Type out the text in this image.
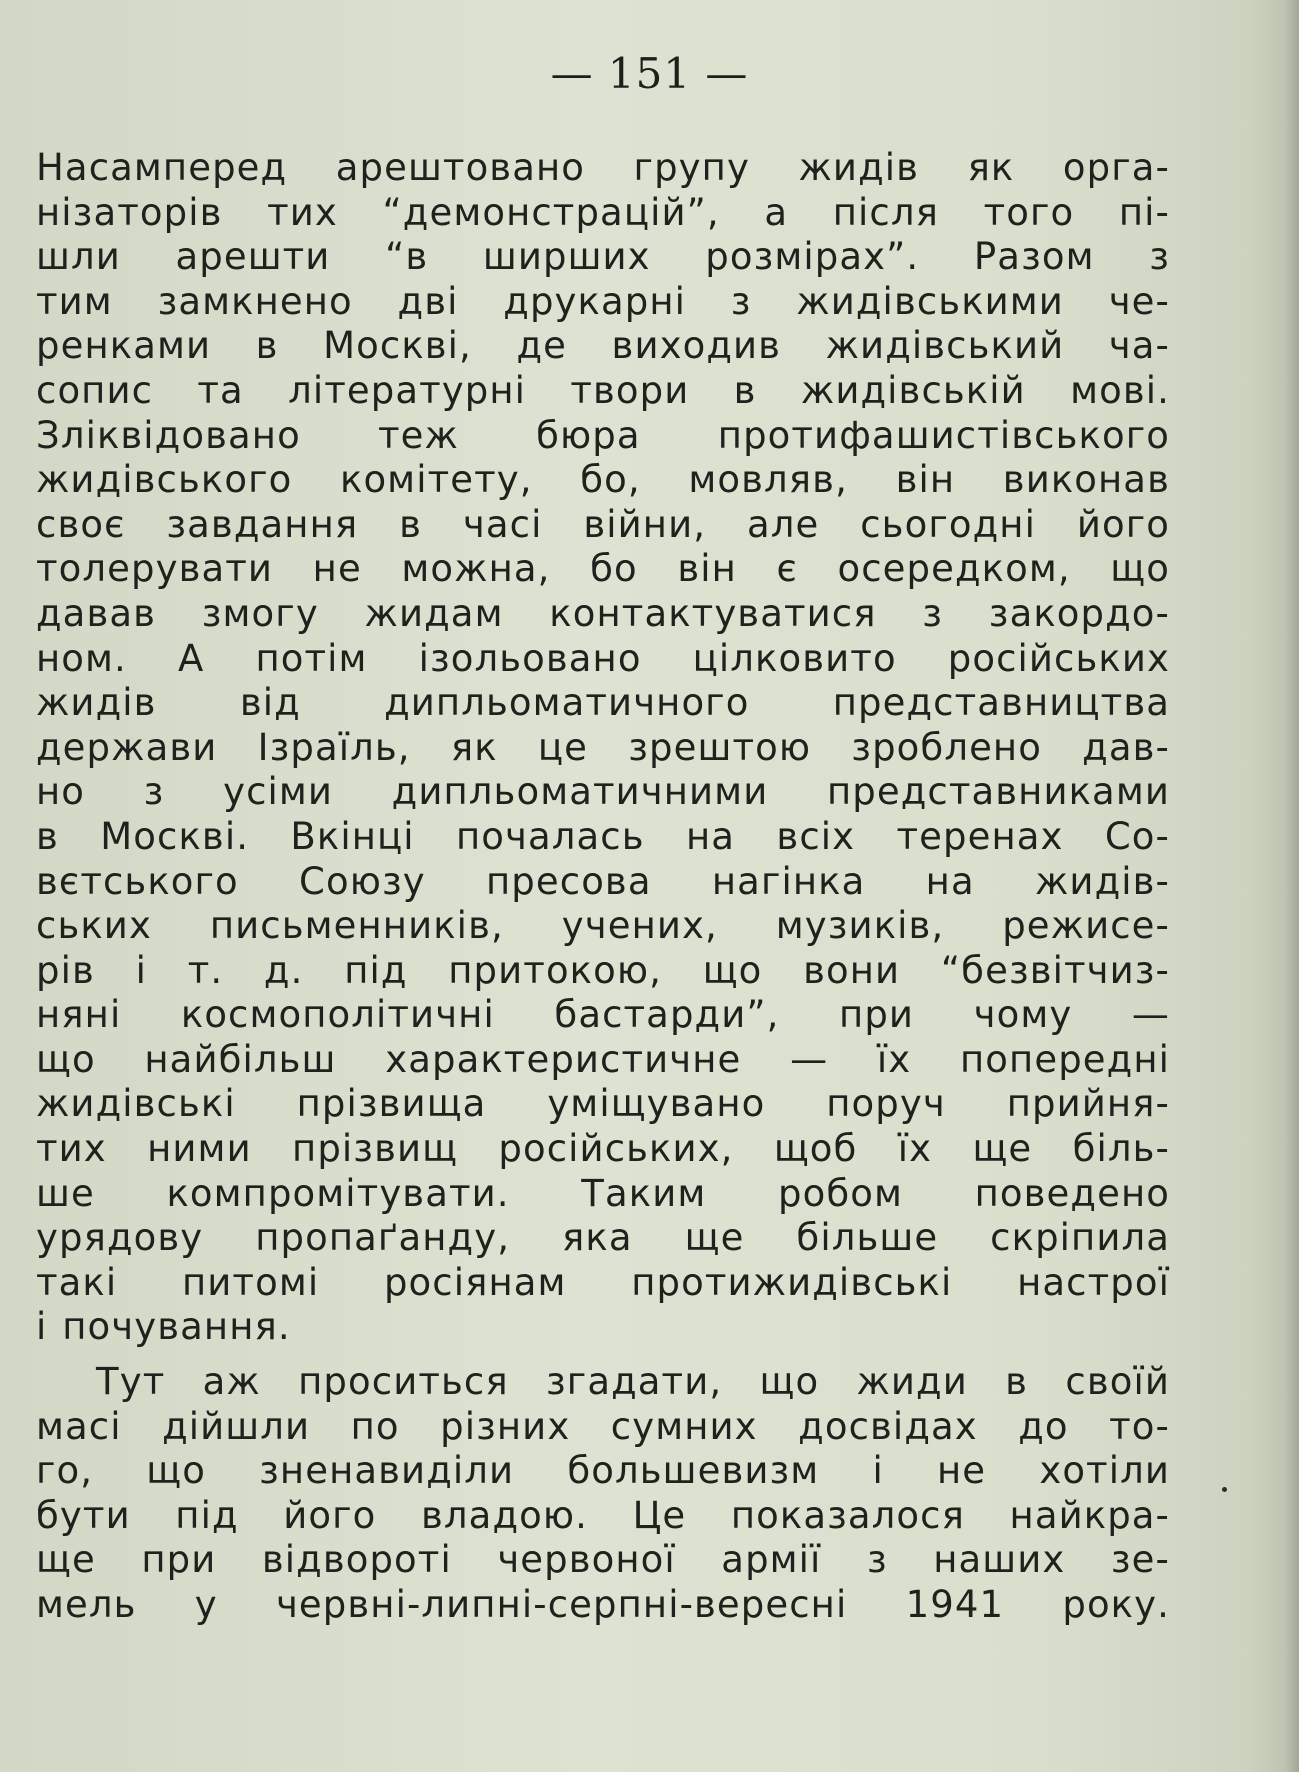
— 151 —
Насамперед арештовано групу жидів як орга-
нізаторів тих “демонстрацій”, а після того пі-
шли арешти “в ширших розмірах”. Разом з
тим замкнено дві друкарні з жидівськими че-
ренками в Москві, де виходив жидівський ча-
сопис та літературні твори в жидівській мові.
Зліквідовано теж бюра протифашистівського
жидівського комітету, бо, мовляв, він виконав
своє завдання в часі війни, але сьогодні його
толерувати не можна, бо він є осередком, що
давав змогу жидам контактуватися з закордо-
ном. А потім ізольовано цілковито російських
жидів від дипльоматичного представництва
держави Ізраїль, як це зрештою зроблено дав-
но з усіми дипльоматичними представниками
в Москві. Вкінці почалась на всіх теренах Со-
вєтського Союзу пресова нагінка на жидів-
ських письменників, учених, музиків, режисе-
рів і т. д. під притокою, що вони “безвітчиз-
няні космополітичні бастарди”, при чому —
що найбільш характеристичне — їх попередні
жидівські прізвища уміщувано поруч прийня-
тих ними прізвищ російських, щоб їх ще біль-
ше компромітувати. Таким робом поведено
урядову пропаґанду, яка ще більше скріпила
такі питомі росіянам протижидівські настрої
і почування.
Тут аж проситься згадати, що жиди в своїй
масі дійшли по різних сумних досвідах до то-
го, що зненавиділи большевизм і не хотіли
бути під його владою. Це показалося найкра-
ще при відвороті червоної армії з наших зе-
мель у червні-липні-серпні-вересні 1941 року.
